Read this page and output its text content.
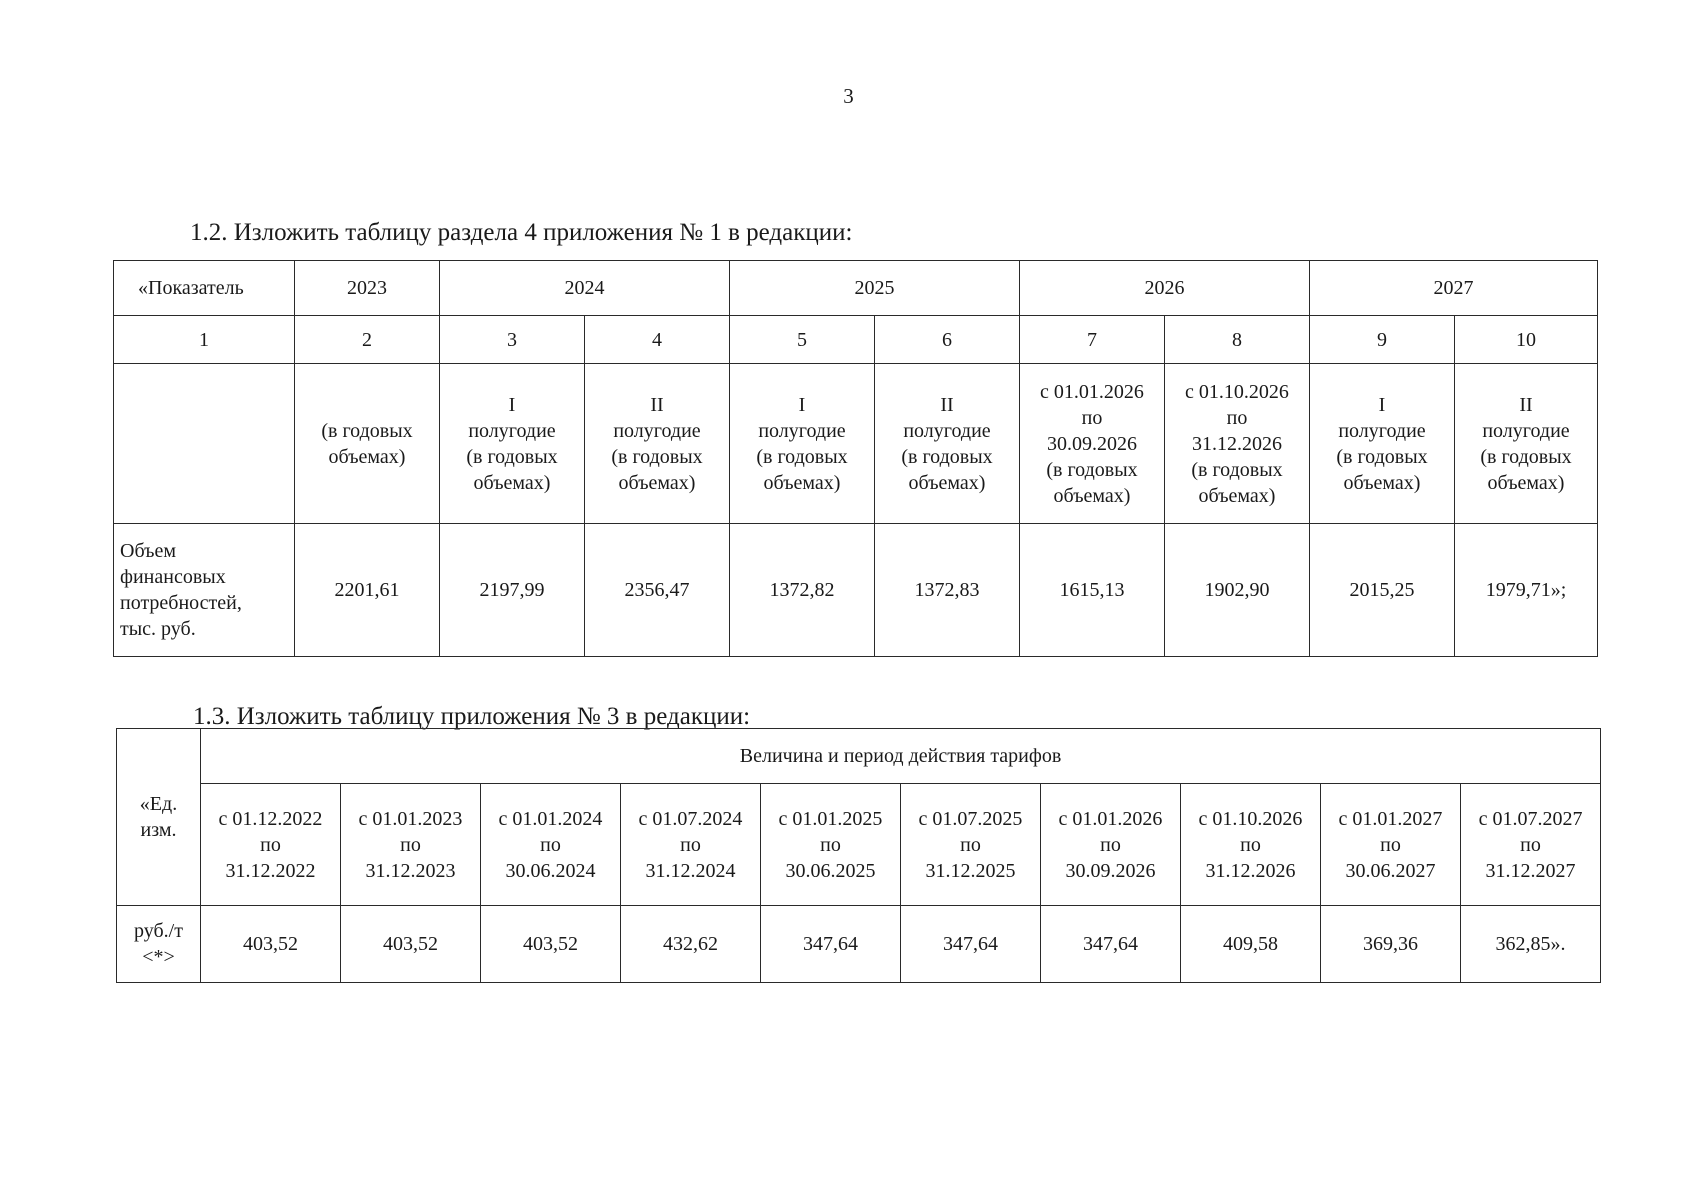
3
1.2. Изложить таблицу раздела 4 приложения № 1 в редакции:
«Показатель	2023	2024		2025		2026		2027	
1	2	3	4	5	6	7	8	9	10
	(в годовых
объемах)	I
полугодие
(в годовых
объемах)	II
полугодие
(в годовых
объемах)	I
полугодие
(в годовых
объемах)	II
полугодие
(в годовых
объемах)	с 01.01.2026
по
30.09.2026
(в годовых
объемах)	с 01.10.2026
по
31.12.2026
(в годовых
объемах)	I
полугодие
(в годовых
объемах)	II
полугодие
(в годовых
объемах)
Объем
финансовых
потребностей,
тыс. руб.	2201,61	2197,99	2356,47	1372,82	1372,83	1615,13	1902,90	2015,25	1979,71»;
1.3. Изложить таблицу приложения № 3 в редакции:
«Ед.
изм.	Величина и период действия тарифов									
	с 01.12.2022
по
31.12.2022	с 01.01.2023
по
31.12.2023	с 01.01.2024
по
30.06.2024	с 01.07.2024
по
31.12.2024	с 01.01.2025
по
30.06.2025	с 01.07.2025
по
31.12.2025	с 01.01.2026
по
30.09.2026	с 01.10.2026
по
31.12.2026	с 01.01.2027
по
30.06.2027	с 01.07.2027
по
31.12.2027
руб./т
<*>	403,52	403,52	403,52	432,62	347,64	347,64	347,64	409,58	369,36	362,85».
